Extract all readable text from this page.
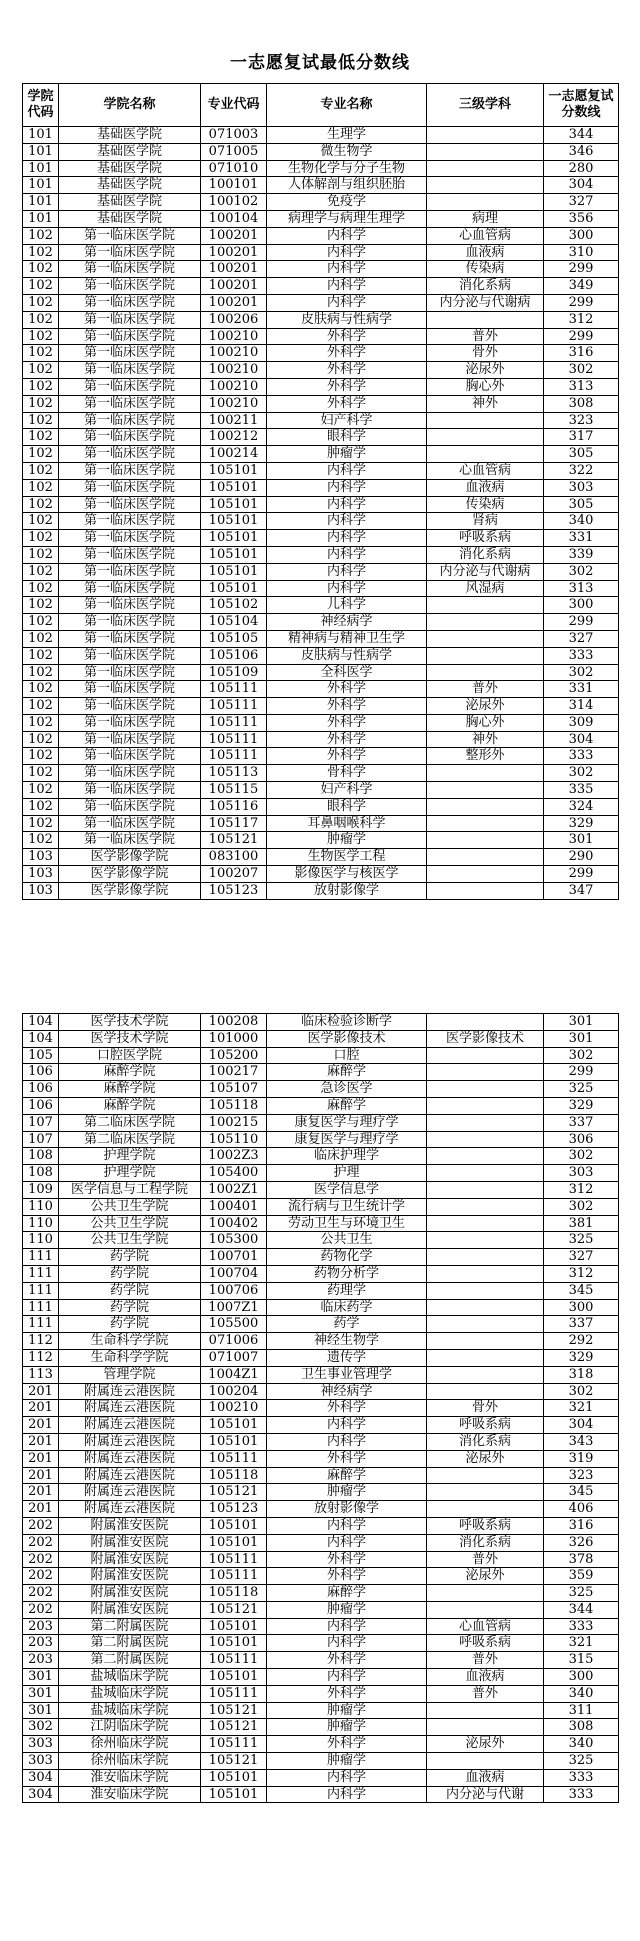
一志愿复试最低分数线
学院代码	学院名称	专业代码	专业名称	三级学科	一志愿复试分数线
101	基础医学院	071003	生理学		344
101	基础医学院	071005	微生物学		346
101	基础医学院	071010	生物化学与分子生物		280
101	基础医学院	100101	人体解剖与组织胚胎		304
101	基础医学院	100102	免疫学		327
101	基础医学院	100104	病理学与病理生理学	病理	356
102	第一临床医学院	100201	内科学	心血管病	300
102	第一临床医学院	100201	内科学	血液病	310
102	第一临床医学院	100201	内科学	传染病	299
102	第一临床医学院	100201	内科学	消化系病	349
102	第一临床医学院	100201	内科学	内分泌与代谢病	299
102	第一临床医学院	100206	皮肤病与性病学		312
102	第一临床医学院	100210	外科学	普外	299
102	第一临床医学院	100210	外科学	骨外	316
102	第一临床医学院	100210	外科学	泌尿外	302
102	第一临床医学院	100210	外科学	胸心外	313
102	第一临床医学院	100210	外科学	神外	308
102	第一临床医学院	100211	妇产科学		323
102	第一临床医学院	100212	眼科学		317
102	第一临床医学院	100214	肿瘤学		305
102	第一临床医学院	105101	内科学	心血管病	322
102	第一临床医学院	105101	内科学	血液病	303
102	第一临床医学院	105101	内科学	传染病	305
102	第一临床医学院	105101	内科学	肾病	340
102	第一临床医学院	105101	内科学	呼吸系病	331
102	第一临床医学院	105101	内科学	消化系病	339
102	第一临床医学院	105101	内科学	内分泌与代谢病	302
102	第一临床医学院	105101	内科学	风湿病	313
102	第一临床医学院	105102	儿科学		300
102	第一临床医学院	105104	神经病学		299
102	第一临床医学院	105105	精神病与精神卫生学		327
102	第一临床医学院	105106	皮肤病与性病学		333
102	第一临床医学院	105109	全科医学		302
102	第一临床医学院	105111	外科学	普外	331
102	第一临床医学院	105111	外科学	泌尿外	314
102	第一临床医学院	105111	外科学	胸心外	309
102	第一临床医学院	105111	外科学	神外	304
102	第一临床医学院	105111	外科学	整形外	333
102	第一临床医学院	105113	骨科学		302
102	第一临床医学院	105115	妇产科学		335
102	第一临床医学院	105116	眼科学		324
102	第一临床医学院	105117	耳鼻咽喉科学		329
102	第一临床医学院	105121	肿瘤学		301
103	医学影像学院	083100	生物医学工程		290
103	医学影像学院	100207	影像医学与核医学		299
103	医学影像学院	105123	放射影像学		347
104	医学技术学院	100208	临床检验诊断学		301
104	医学技术学院	101000	医学影像技术	医学影像技术	301
105	口腔医学院	105200	口腔		302
106	麻醉学院	100217	麻醉学		299
106	麻醉学院	105107	急诊医学		325
106	麻醉学院	105118	麻醉学		329
107	第二临床医学院	100215	康复医学与理疗学		337
107	第二临床医学院	105110	康复医学与理疗学		306
108	护理学院	1002Z3	临床护理学		302
108	护理学院	105400	护理		303
109	医学信息与工程学院	1002Z1	医学信息学		312
110	公共卫生学院	100401	流行病与卫生统计学		302
110	公共卫生学院	100402	劳动卫生与环境卫生		381
110	公共卫生学院	105300	公共卫生		325
111	药学院	100701	药物化学		327
111	药学院	100704	药物分析学		312
111	药学院	100706	药理学		345
111	药学院	1007Z1	临床药学		300
111	药学院	105500	药学		337
112	生命科学学院	071006	神经生物学		292
112	生命科学学院	071007	遗传学		329
113	管理学院	1004Z1	卫生事业管理学		318
201	附属连云港医院	100204	神经病学		302
201	附属连云港医院	100210	外科学	骨外	321
201	附属连云港医院	105101	内科学	呼吸系病	304
201	附属连云港医院	105101	内科学	消化系病	343
201	附属连云港医院	105111	外科学	泌尿外	319
201	附属连云港医院	105118	麻醉学		323
201	附属连云港医院	105121	肿瘤学		345
201	附属连云港医院	105123	放射影像学		406
202	附属淮安医院	105101	内科学	呼吸系病	316
202	附属淮安医院	105101	内科学	消化系病	326
202	附属淮安医院	105111	外科学	普外	378
202	附属淮安医院	105111	外科学	泌尿外	359
202	附属淮安医院	105118	麻醉学		325
202	附属淮安医院	105121	肿瘤学		344
203	第二附属医院	105101	内科学	心血管病	333
203	第二附属医院	105101	内科学	呼吸系病	321
203	第二附属医院	105111	外科学	普外	315
301	盐城临床学院	105101	内科学	血液病	300
301	盐城临床学院	105111	外科学	普外	340
301	盐城临床学院	105121	肿瘤学		311
302	江阴临床学院	105121	肿瘤学		308
303	徐州临床学院	105111	外科学	泌尿外	340
303	徐州临床学院	105121	肿瘤学		325
304	淮安临床学院	105101	内科学	血液病	333
304	淮安临床学院	105101	内科学	内分泌与代谢	333
